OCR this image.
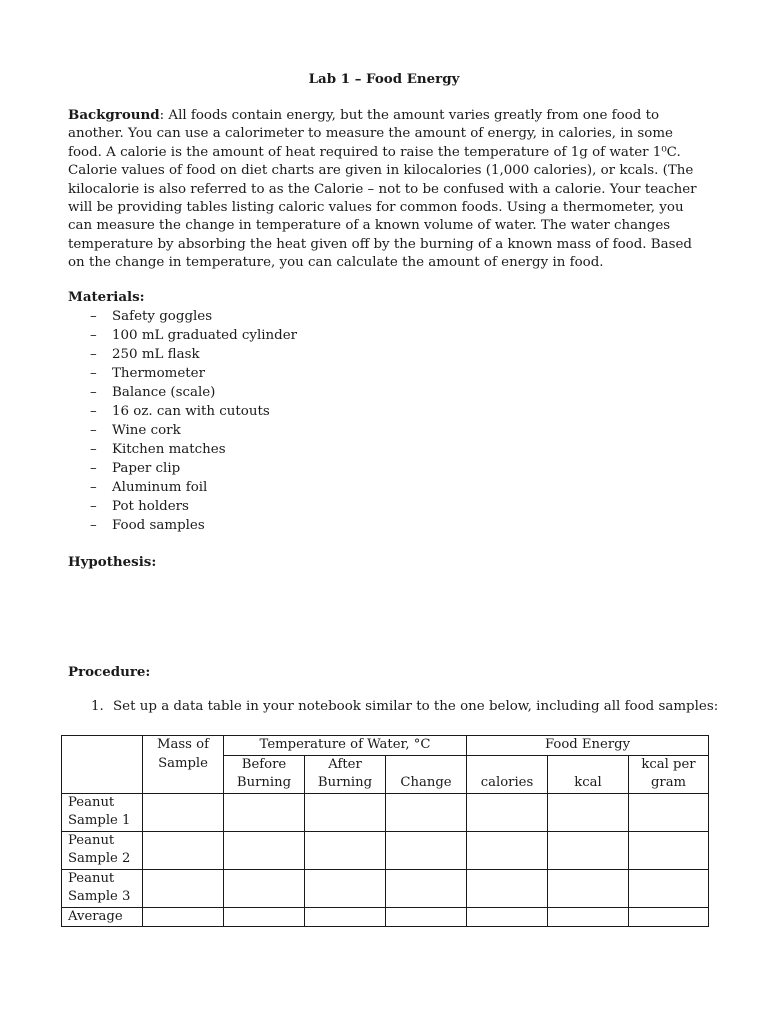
Lab 1 – Food Energy

Background: All foods contain energy, but the amount varies greatly from one food to another. You can use a calorimeter to measure the amount of energy, in calories, in some food. A calorie is the amount of heat required to raise the temperature of 1g of water 1⁰C. Calorie values of food on diet charts are given in kilocalories (1,000 calories), or kcals. (The kilocalorie is also referred to as the Calorie – not to be confused with a calorie. Your teacher will be providing tables listing caloric values for common foods. Using a thermometer, you can measure the change in temperature of a known volume of water. The water changes temperature by absorbing the heat given off by the burning of a known mass of food. Based on the change in temperature, you can calculate the amount of energy in food.

Materials:
– Safety goggles
– 100 mL graduated cylinder
– 250 mL flask
– Thermometer
– Balance (scale)
– 16 oz. can with cutouts
– Wine cork
– Kitchen matches
– Paper clip
– Aluminum foil
– Pot holders
– Food samples
Hypothesis:
Procedure:
1. Set up a data table in your notebook similar to the one below, including all food samples:
	Mass of Sample	Temperature of Water, °C			Food Energy		
		Before Burning	After Burning	Change	calories	kcal	kcal per gram
Peanut Sample 1							
Peanut Sample 2							
Peanut Sample 3							
Average							
